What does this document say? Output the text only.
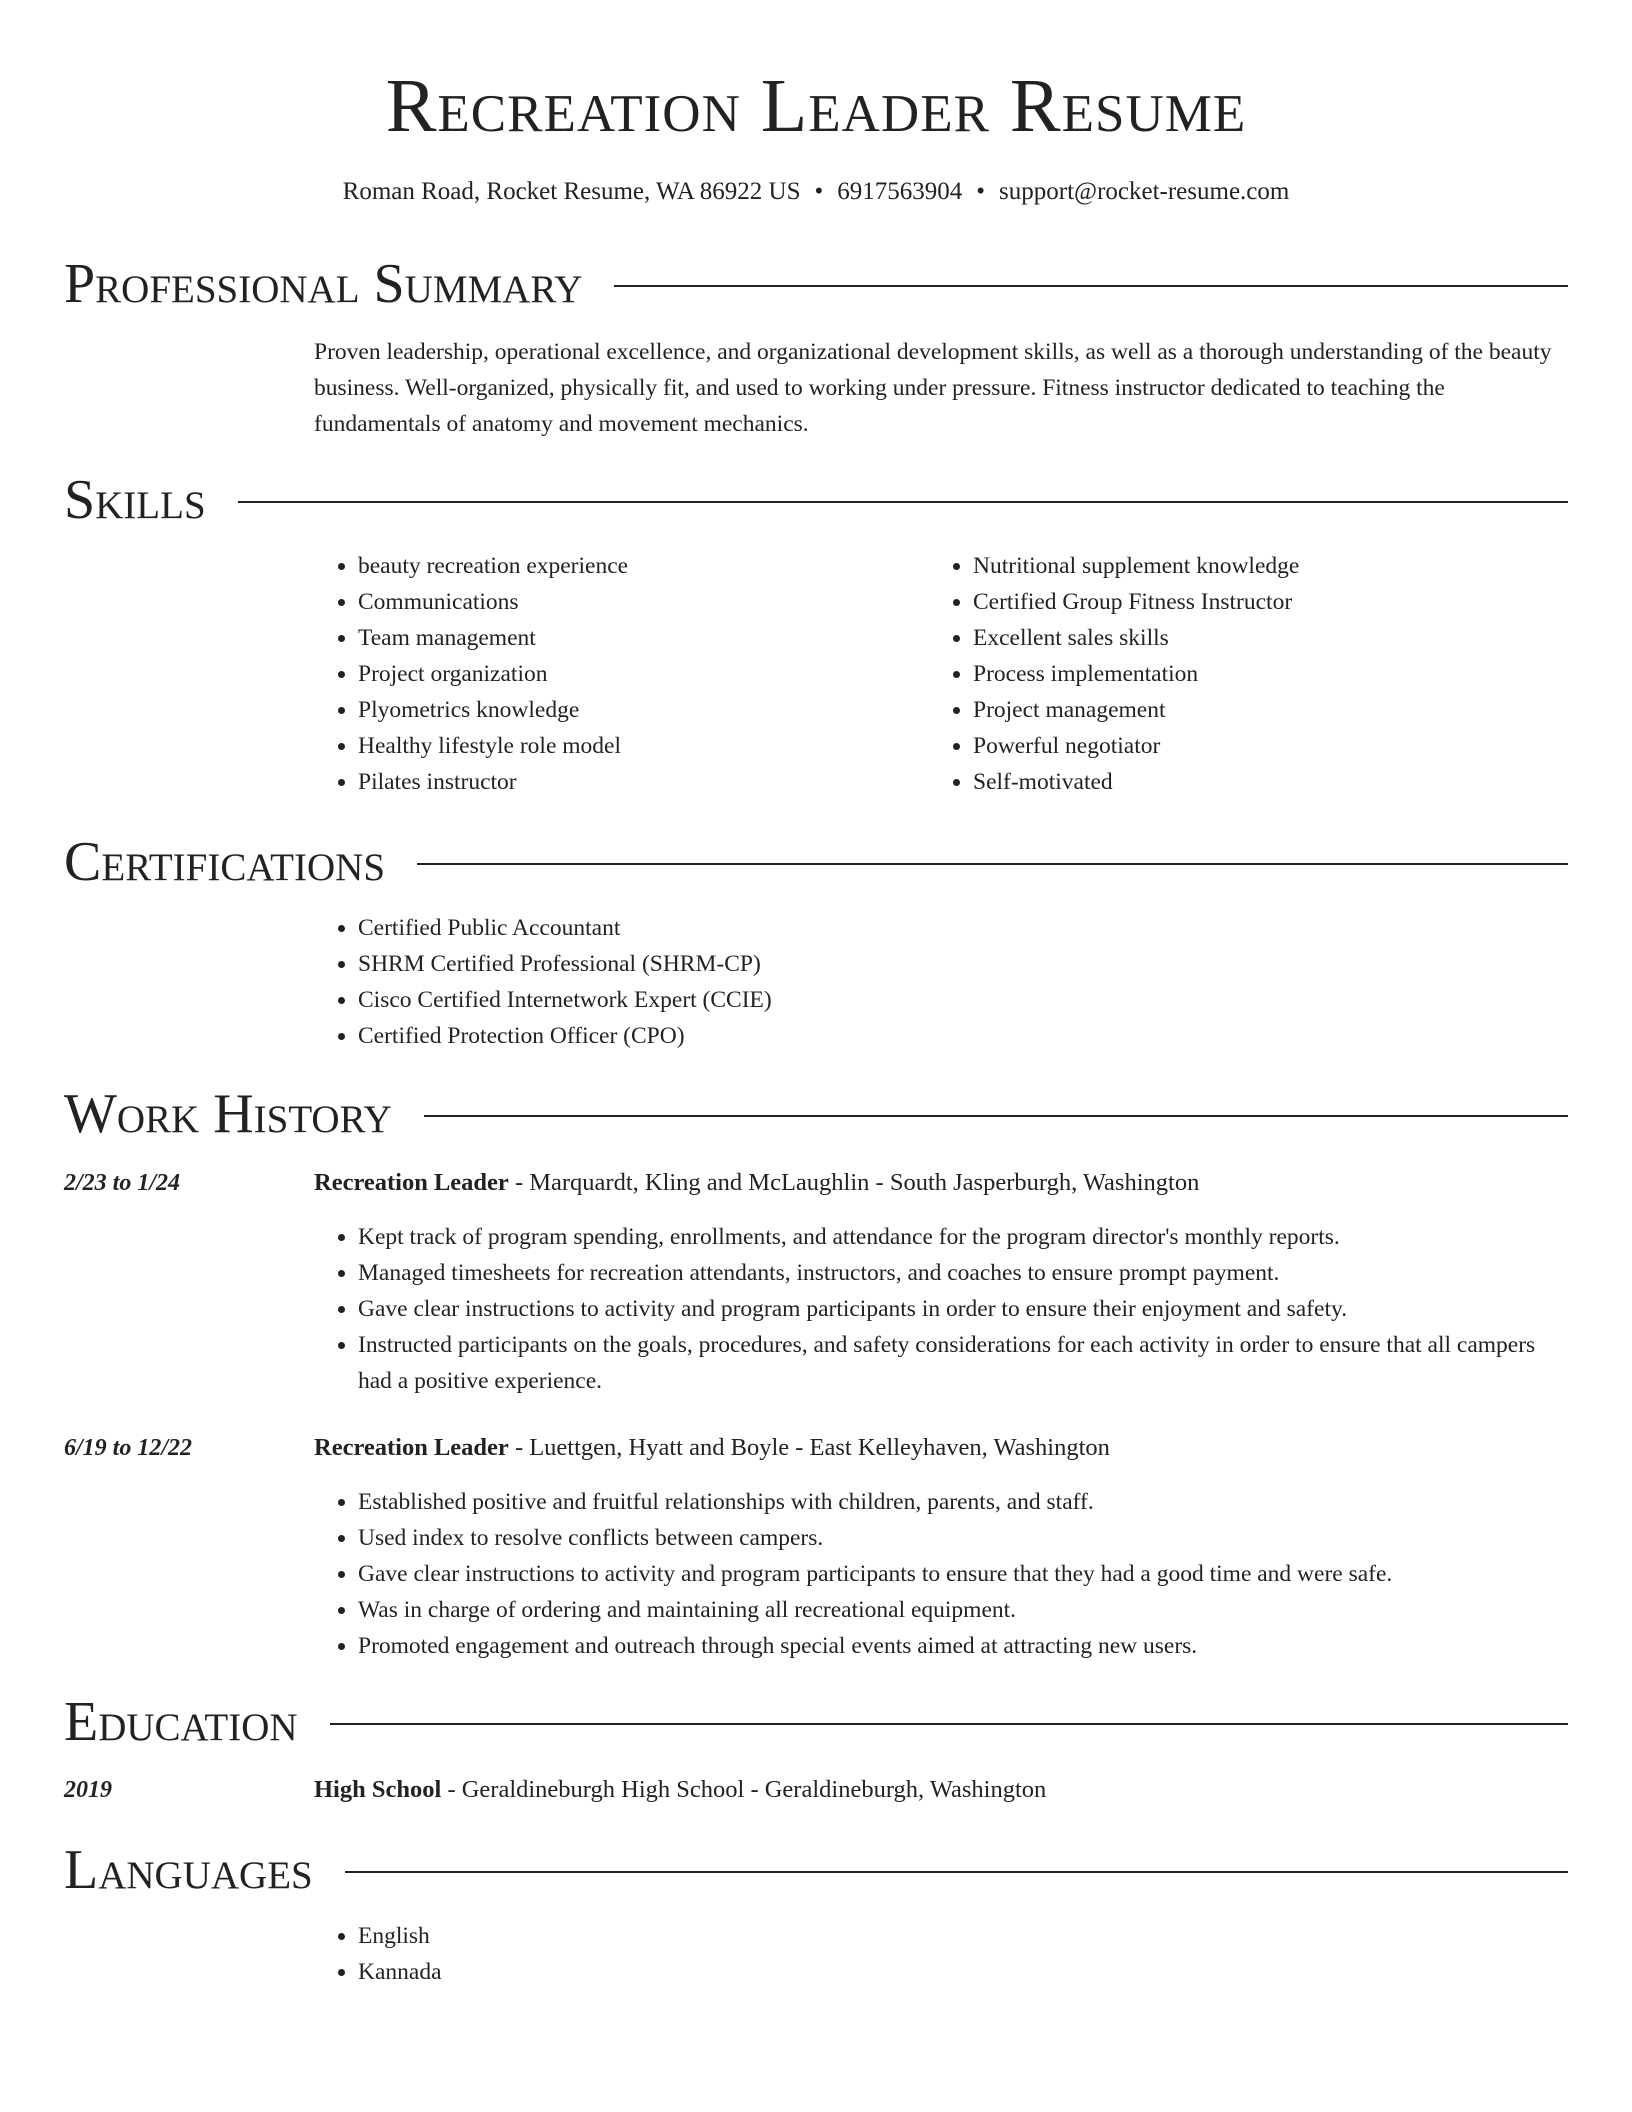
Recreation Leader Resume
Roman Road, Rocket Resume, WA 86922 US • 6917563904 • support@rocket-resume.com
Professional Summary
Proven leadership, operational excellence, and organizational development skills, as well as a thorough understanding of the beauty business. Well-organized, physically fit, and used to working under pressure. Fitness instructor dedicated to teaching the fundamentals of anatomy and movement mechanics.
Skills
• beauty recreation experience
• Communications
• Team management
• Project organization
• Plyometrics knowledge
• Healthy lifestyle role model
• Pilates instructor
• Nutritional supplement knowledge
• Certified Group Fitness Instructor
• Excellent sales skills
• Process implementation
• Project management
• Powerful negotiator
• Self-motivated
Certifications
• Certified Public Accountant
• SHRM Certified Professional (SHRM-CP)
• Cisco Certified Internetwork Expert (CCIE)
• Certified Protection Officer (CPO)
Work History
2/23 to 1/24	Recreation Leader - Marquardt, Kling and McLaughlin - South Jasperburgh, Washington
• Kept track of program spending, enrollments, and attendance for the program director's monthly reports.
• Managed timesheets for recreation attendants, instructors, and coaches to ensure prompt payment.
• Gave clear instructions to activity and program participants in order to ensure their enjoyment and safety.
• Instructed participants on the goals, procedures, and safety considerations for each activity in order to ensure that all campers had a positive experience.
6/19 to 12/22	Recreation Leader - Luettgen, Hyatt and Boyle - East Kelleyhaven, Washington
• Established positive and fruitful relationships with children, parents, and staff.
• Used index to resolve conflicts between campers.
• Gave clear instructions to activity and program participants to ensure that they had a good time and were safe.
• Was in charge of ordering and maintaining all recreational equipment.
• Promoted engagement and outreach through special events aimed at attracting new users.
Education
2019	High School - Geraldineburgh High School - Geraldineburgh, Washington
Languages
• English
• Kannada
